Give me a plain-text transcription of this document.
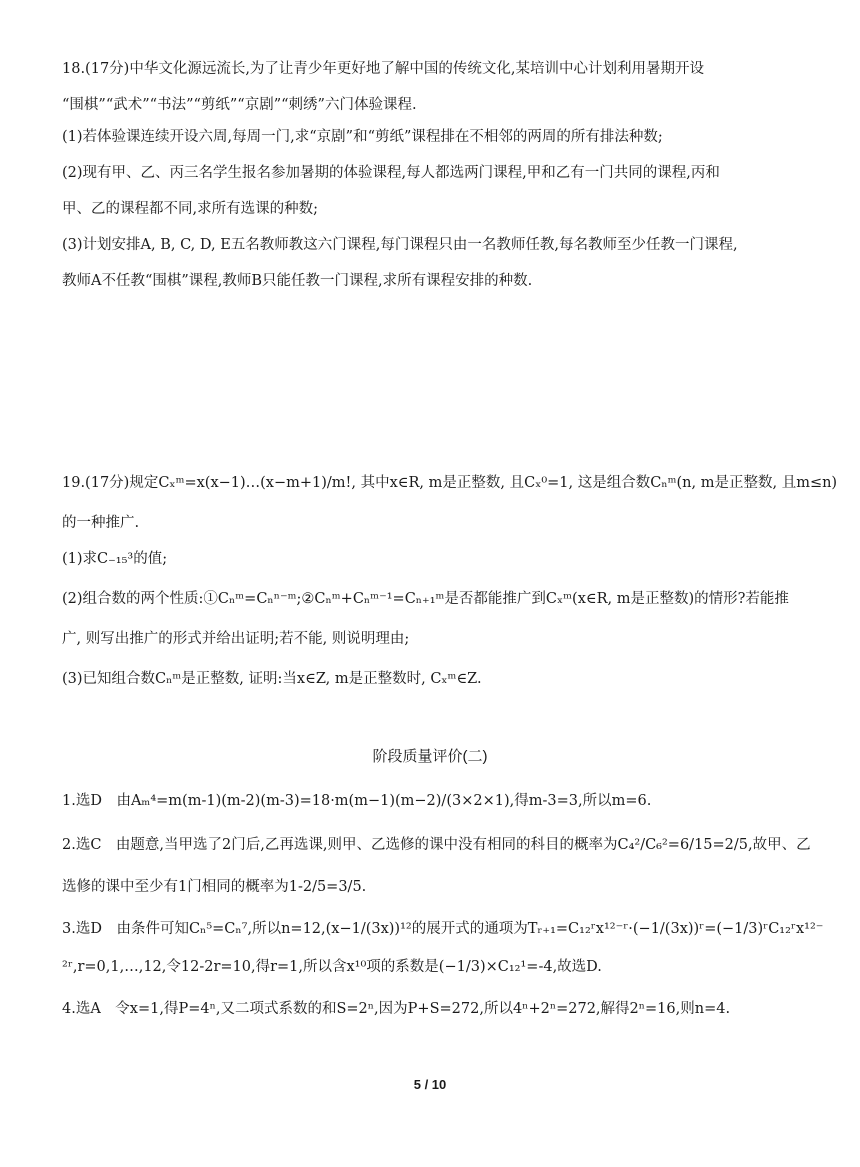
18.(17分)中华文化源远流长,为了让青少年更好地了解中国的传统文化,某培训中心计划利用暑期开设

“围棋”“武术”“书法”“剪纸”“京剧”“刺绣”六门体验课程.

(1)若体验课连续开设六周,每周一门,求“京剧”和“剪纸”课程排在不相邻的两周的所有排法种数;

(2)现有甲、乙、丙三名学生报名参加暑期的体验课程,每人都选两门课程,甲和乙有一门共同的课程,丙和

甲、乙的课程都不同,求所有选课的种数;

(3)计划安排A, B, C, D, E五名教师教这六门课程,每门课程只由一名教师任教,每名教师至少任教一门课程,

教师A不任教“围棋”课程,教师B只能任教一门课程,求所有课程安排的种数.

19.(17分)规定Cₓᵐ=x(x−1)…(x−m+1)/m!, 其中x∈R, m是正整数, 且Cₓ⁰=1, 这是组合数Cₙᵐ(n, m是正整数, 且m≤n)

的一种推广.

(1)求C₋₁₅³的值;

(2)组合数的两个性质:①Cₙᵐ=Cₙⁿ⁻ᵐ;②Cₙᵐ+Cₙᵐ⁻¹=Cₙ₊₁ᵐ是否都能推广到Cₓᵐ(x∈R, m是正整数)的情形?若能推

广, 则写出推广的形式并给出证明;若不能, 则说明理由;

(3)已知组合数Cₙᵐ是正整数, 证明:当x∈Z, m是正整数时, Cₓᵐ∈Z.

阶段质量评价(二)

1.选D　由Aₘ⁴=m(m-1)(m-2)(m-3)=18·m(m−1)(m−2)/(3×2×1),得m-3=3,所以m=6.

2.选C　由题意,当甲选了2门后,乙再选课,则甲、乙选修的课中没有相同的科目的概率为C₄²/C₆²=6/15=2/5,故甲、乙

选修的课中至少有1门相同的概率为1-2/5=3/5.

3.选D　由条件可知Cₙ⁵=Cₙ⁷,所以n=12,(x−1/(3x))¹²的展开式的通项为Tᵣ₊₁=C₁₂ʳx¹²⁻ʳ·(−1/(3x))ʳ=(−1/3)ʳC₁₂ʳx¹²⁻

²ʳ,r=0,1,…,12,令12-2r=10,得r=1,所以含x¹⁰项的系数是(−1/3)×C₁₂¹=-4,故选D.

4.选A　令x=1,得P=4ⁿ,又二项式系数的和S=2ⁿ,因为P+S=272,所以4ⁿ+2ⁿ=272,解得2ⁿ=16,则n=4.

5 / 10
